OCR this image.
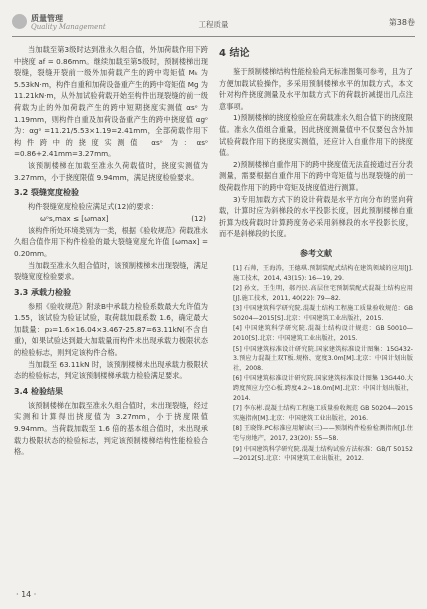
质量管理
Quality Management	工程质量	第38卷

当加载至第3级时达到准永久组合值，外加荷载作用下跨中挠度 af = 0.86mm。继续加载至第5级时，预制楼梯出现裂缝，裂缝开裂前一级外加荷载产生的跨中弯矩值 Mₖ 为 5.53kN·m，构件自重和加荷设备重产生的跨中弯矩值 Mg 为 11.21kN·m，从外加试验荷载开始至构件出现裂缝的前一级荷载为止的外加荷载产生的跨中短期挠度实测值 αsᵒ 为 1.19mm，则构件自重及加荷设备重产生的跨中挠度值 αgᵒ 为：αgᵒ =11.21/5.53×1.19=2.41mm，全部荷载作用下构件跨中的挠度实测值 αsᵒ 为：αsᵒ =0.86+2.41mm=3.27mm。

该预制楼梯在加载至准永久荷载值时，挠度实测值为 3.27mm，小于挠度限值 9.94mm，满足挠度检验要求。

3.2 裂缝宽度检验

构件裂缝宽度检验应满足式(12)的要求：

ωᵒs,max ≤ [ωmax]	(12)

该构件所处环境类别为一类，根据《验收规范》荷载准永久组合值作用下构件检验的最大裂缝宽度允许值 [ωmax] = 0.20mm。

当加载至准永久组合值时，该预制楼梯未出现裂缝，满足裂缝宽度检验要求。

3.3 承载力检验

参照《验收规范》附录B中承载力检验系数最大允许值为 1.55，该试验为验证试验，取荷载加载系数 1.6，确定最大加载量：p₃=1.6×16.04×3.467-25.87=63.11kN(不含自重)，如果试验达到最大加载量而构件未出现承载力极限状态的检验标志，则判定该构件合格。

当加载至 63.11kN 时，该预制楼梯未出现承载力极限状态的检验标志，判定该预制楼梯承载力检验满足要求。

3.4 检验结果

该预制楼梯在加载至准永久组合值时，未出现裂缝，经过实测和计算得出挠度值为 3.27mm，小于挠度限值 9.94mm。当荷载加载至 1.6 倍的基本组合值时，未出现承载力极限状态的检验标志，判定该预制楼梯结构性能检验合格。

4 结论

鉴于预制楼梯结构性能检验尚无标准图集可参考，且为了方便加载试验操作，多采用预制楼梯水平的加载方式，本文针对构件挠度测量及水平加载方式下的荷载折减提出几点注意事项。

1)预制楼梯的挠度检验应在荷载准永久组合值下的挠度限值。准永久值组合重量，因此挠度测量值中不仅要包含外加试验荷载作用下的挠度实测值，还应计入自重作用下的挠度值。

2)预制楼梯自重作用下的跨中挠度值无法直接通过百分表测量，需要根据自重作用下的跨中弯矩值与出现裂缝的前一级荷载作用下的跨中弯矩及挠度值进行测算。

3)专用加载方式下的设计荷载是水平方向分布的竖向荷载，计算时应为斜梯段的水平投影长度，因此预制楼梯自重折算为线荷载时计算跨度务必采用斜梯段的水平投影长度，而不是斜梯段的长度。

参考文献
[1] 石帅，王海涛，王德琪.预制装配式结构在建筑领域的应用[J].施工技术，2014, 43(15): 16—19, 29.
[2] 孙文，王生明，郝丹民.高层住宅预制装配式混凝土结构应用[J].施工技术，2011, 40(22): 79—82.
[3] 中国建筑科学研究院.混凝土结构工程施工质量验收规范：GB 50204—2015[S].北京：中国建筑工业出版社，2015.
[4] 中国建筑科学研究院.混凝土结构设计规范：GB 50010—2010[S].北京：中国建筑工业出版社，2015.
[5] 中国建筑标准设计研究院.国家建筑标准设计图集：15G432-3.预应力混凝土双T板.规格、宽度3.0m[M].北京：中国计划出版社，2008.
[6] 中国建筑标准设计研究院.国家建筑标准设计图集 13G440.大跨度预应力空心板.跨度4.2~18.0m[M].北京：中国计划出版社，2014.
[7] 李东彬.混凝土结构工程施工质量验收规范 GB 50204—2015 实施指南[M].北京：中国建筑工业出版社，2016.
[8] 王晓锋.PC标准应用解读(三)——预制构件检验检测指南[J].住宅与房地产，2017, 23(20): 55—58.
[9] 中国建筑科学研究院.混凝土结构试验方法标准：GB/T 50152—2012[S].北京：中国建筑工业出版社，2012.
· 14 ·
